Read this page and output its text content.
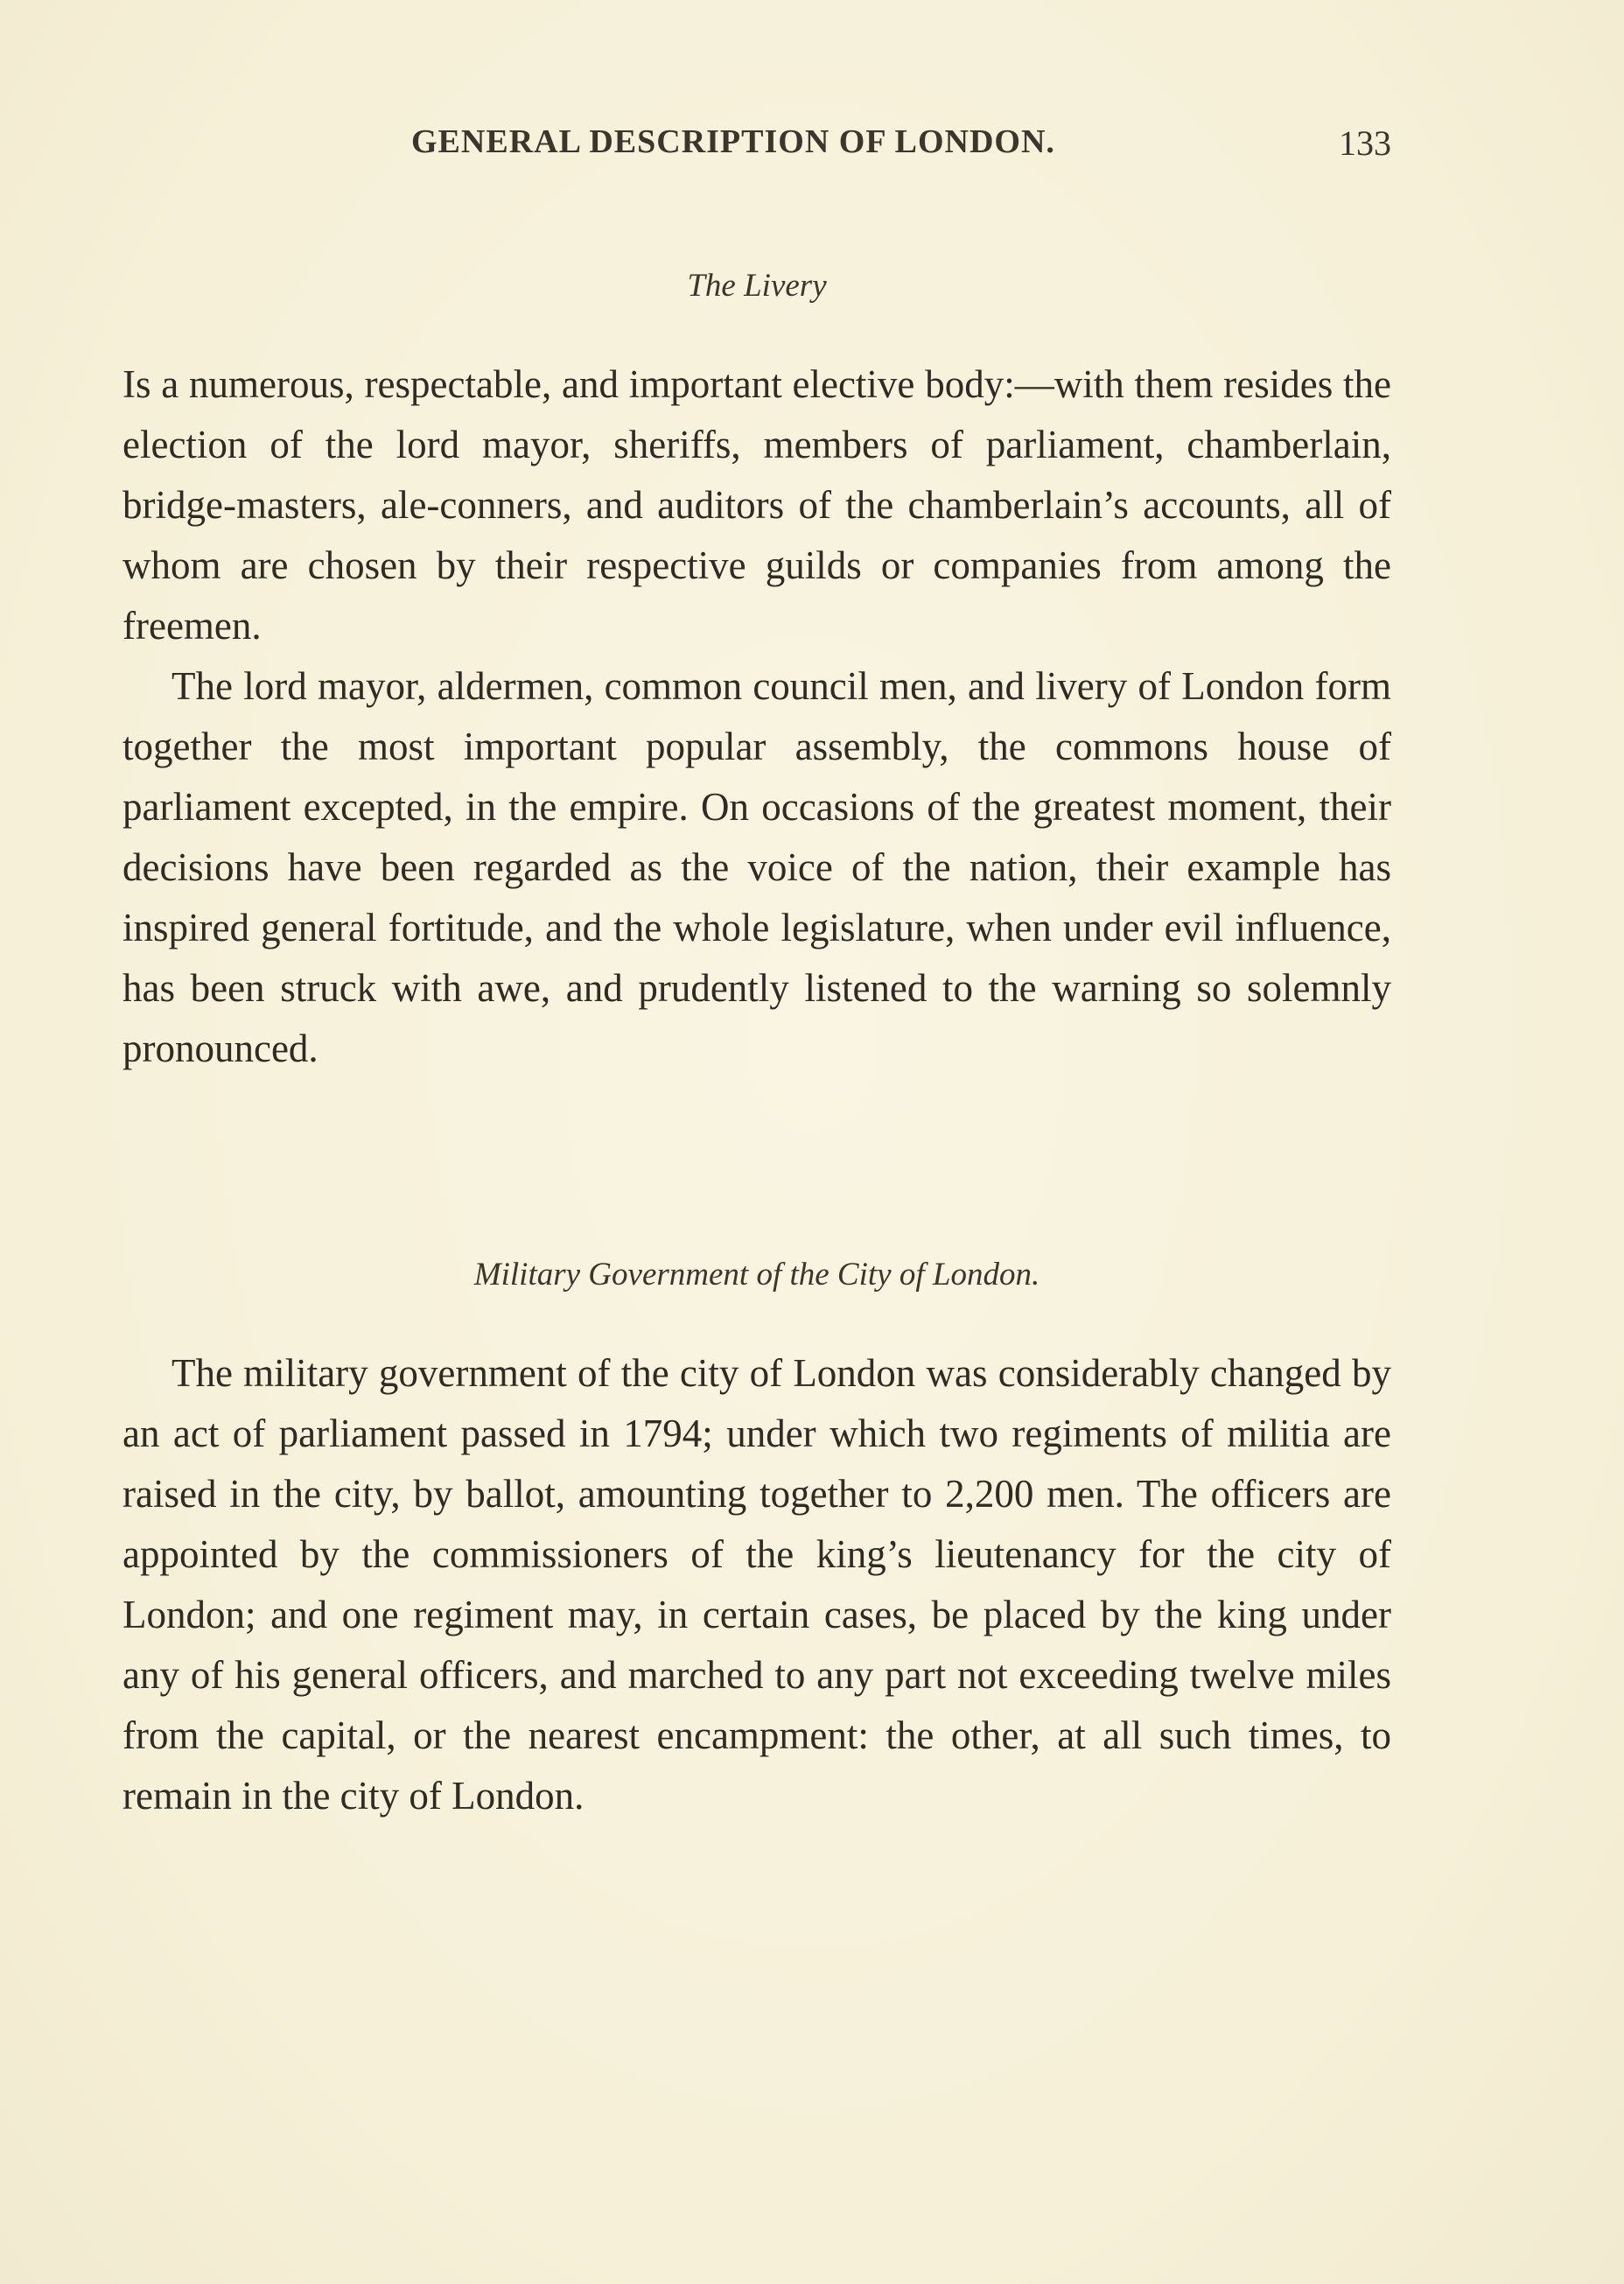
GENERAL DESCRIPTION OF LONDON.	133
The Livery

Is a numerous, respectable, and important elective body:—with them resides the election of the lord mayor, sheriffs, members of parliament, chamberlain, bridge-masters, ale-conners, and auditors of the chamberlain’s accounts, all of whom are chosen by their respective guilds or companies from among the freemen.

The lord mayor, aldermen, common council men, and livery of London form together the most important popular assembly, the commons house of parliament excepted, in the empire. On occasions of the greatest moment, their decisions have been regarded as the voice of the nation, their example has inspired general fortitude, and the whole legislature, when under evil influence, has been struck with awe, and prudently listened to the warning so solemnly pronounced.

Military Government of the City of London.

The military government of the city of London was considerably changed by an act of parliament passed in 1794; under which two regiments of militia are raised in the city, by ballot, amounting together to 2,200 men. The officers are appointed by the commissioners of the king’s lieutenancy for the city of London; and one regiment may, in certain cases, be placed by the king under any of his general officers, and marched to any part not exceeding twelve miles from the capital, or the nearest encampment: the other, at all such times, to remain in the city of London.
